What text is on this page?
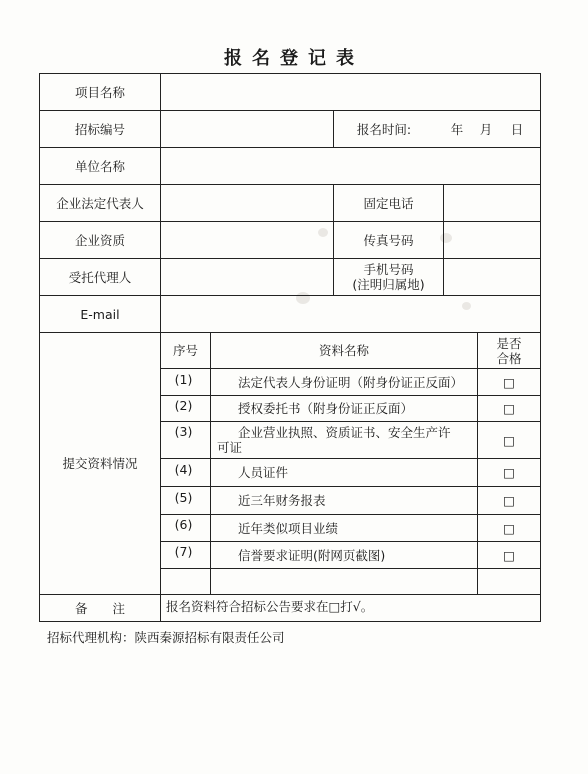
报名登记表
项目名称
招标编号	报名时间:	年 月 日
单位名称
企业法定代表人	固定电话
企业资质	传真号码
受托代理人	手机号码
(注明归属地)
E-mail
提交资料情况
序号	资料名称	是否
合格
(1)	法定代表人身份证明（附身份证正反面）	□
(2)	授权委托书（附身份证正反面）	□
(3)	企业营业执照、资质证书、安全生产许
可证	□
(4)	人员证件	□
(5)	近三年财务报表	□
(6)	近年类似项目业绩	□
(7)	信誉要求证明(附网页截图)	□
备　　注	报名资料符合招标公告要求在□打√。
招标代理机构：陕西秦源招标有限责任公司
